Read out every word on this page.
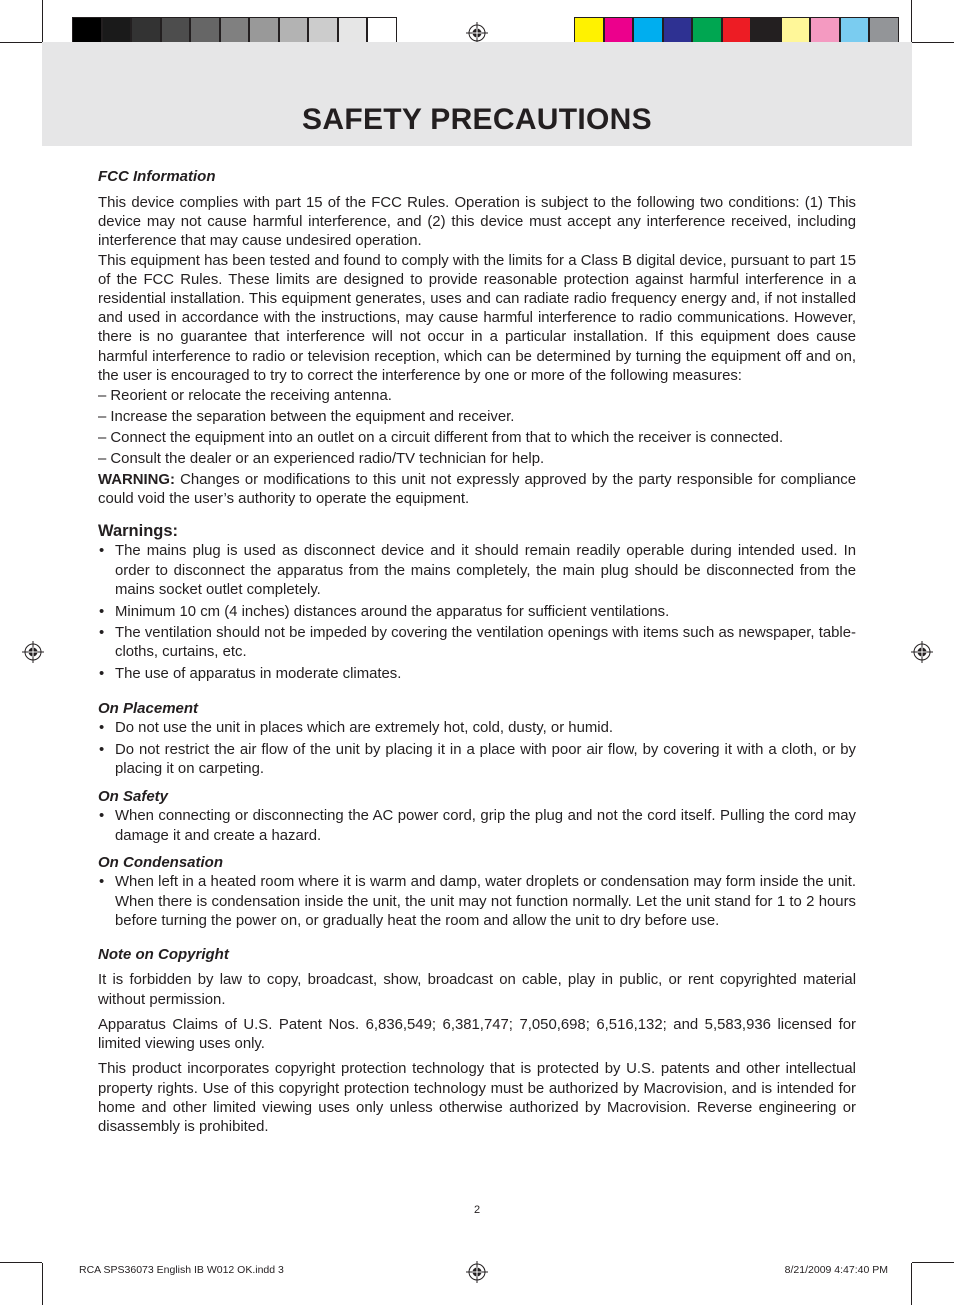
SAFETY PRECAUTIONS

FCC Information

This device complies with part 15 of the FCC Rules. Operation is subject to the following two conditions: (1) This device may not cause harmful interference, and (2) this device must accept any interference received, including interference that may cause undesired operation.

This equipment has been tested and found to comply with the limits for a Class B digital device, pursuant to part 15 of the FCC Rules. These limits are designed to provide reasonable protection against harmful interference in a residential installation. This equipment generates, uses and can radiate radio frequency energy and, if not installed and used in accordance with the instructions, may cause harmful interference to radio communications. However, there is no guarantee that interference will not occur in a particular installation. If this equipment does cause harmful interference to radio or television reception, which can be determined by turning the equipment off and on, the user is encouraged to try to correct the interference by one or more of the following measures:

– Reorient or relocate the receiving antenna.

– Increase the separation between the equipment and receiver.

– Connect the equipment into an outlet on a circuit different from that to which the receiver is connected.

– Consult the dealer or an experienced radio/TV technician for help.

WARNING: Changes or modifications to this unit not expressly approved by the party responsible for compliance could void the user’s authority to operate the equipment.

Warnings:

• The mains plug is used as disconnect device and it should remain readily operable during intended used. In order to disconnect the apparatus from the mains completely, the main plug should be disconnected from the mains socket outlet completely.
• Minimum 10 cm (4 inches) distances around the apparatus for sufficient ventilations.
• The ventilation should not be impeded by covering the ventilation openings with items such as newspaper, table-cloths, curtains, etc.
• The use of apparatus in moderate climates.

On Placement

• Do not use the unit in places which are extremely hot, cold, dusty, or humid.
• Do not restrict the air flow of the unit by placing it in a place with poor air flow, by covering it with a cloth, or by placing it on carpeting.

On Safety

• When connecting or disconnecting the AC power cord, grip the plug and not the cord itself. Pulling the cord may damage it and create a hazard.

On Condensation

• When left in a heated room where it is warm and damp, water droplets or condensation may form inside the unit. When there is condensation inside the unit, the unit may not function normally. Let the unit stand for 1 to 2 hours before turning the power on, or gradually heat the room and allow the unit to dry before use.

Note on Copyright

It is forbidden by law to copy, broadcast, show, broadcast on cable, play in public, or rent copyrighted material without permission.

Apparatus Claims of U.S. Patent Nos. 6,836,549; 6,381,747; 7,050,698; 6,516,132; and 5,583,936 licensed for limited viewing uses only.

This product incorporates copyright protection technology that is protected by U.S. patents and other intellectual property rights. Use of this copyright protection technology must be authorized by Macrovision, and is intended for home and other limited viewing uses only unless otherwise authorized by Macrovision. Reverse engineering or disassembly is prohibited.

2
RCA SPS36073 English IB W012 OK.indd 3	8/21/2009 4:47:40 PM
